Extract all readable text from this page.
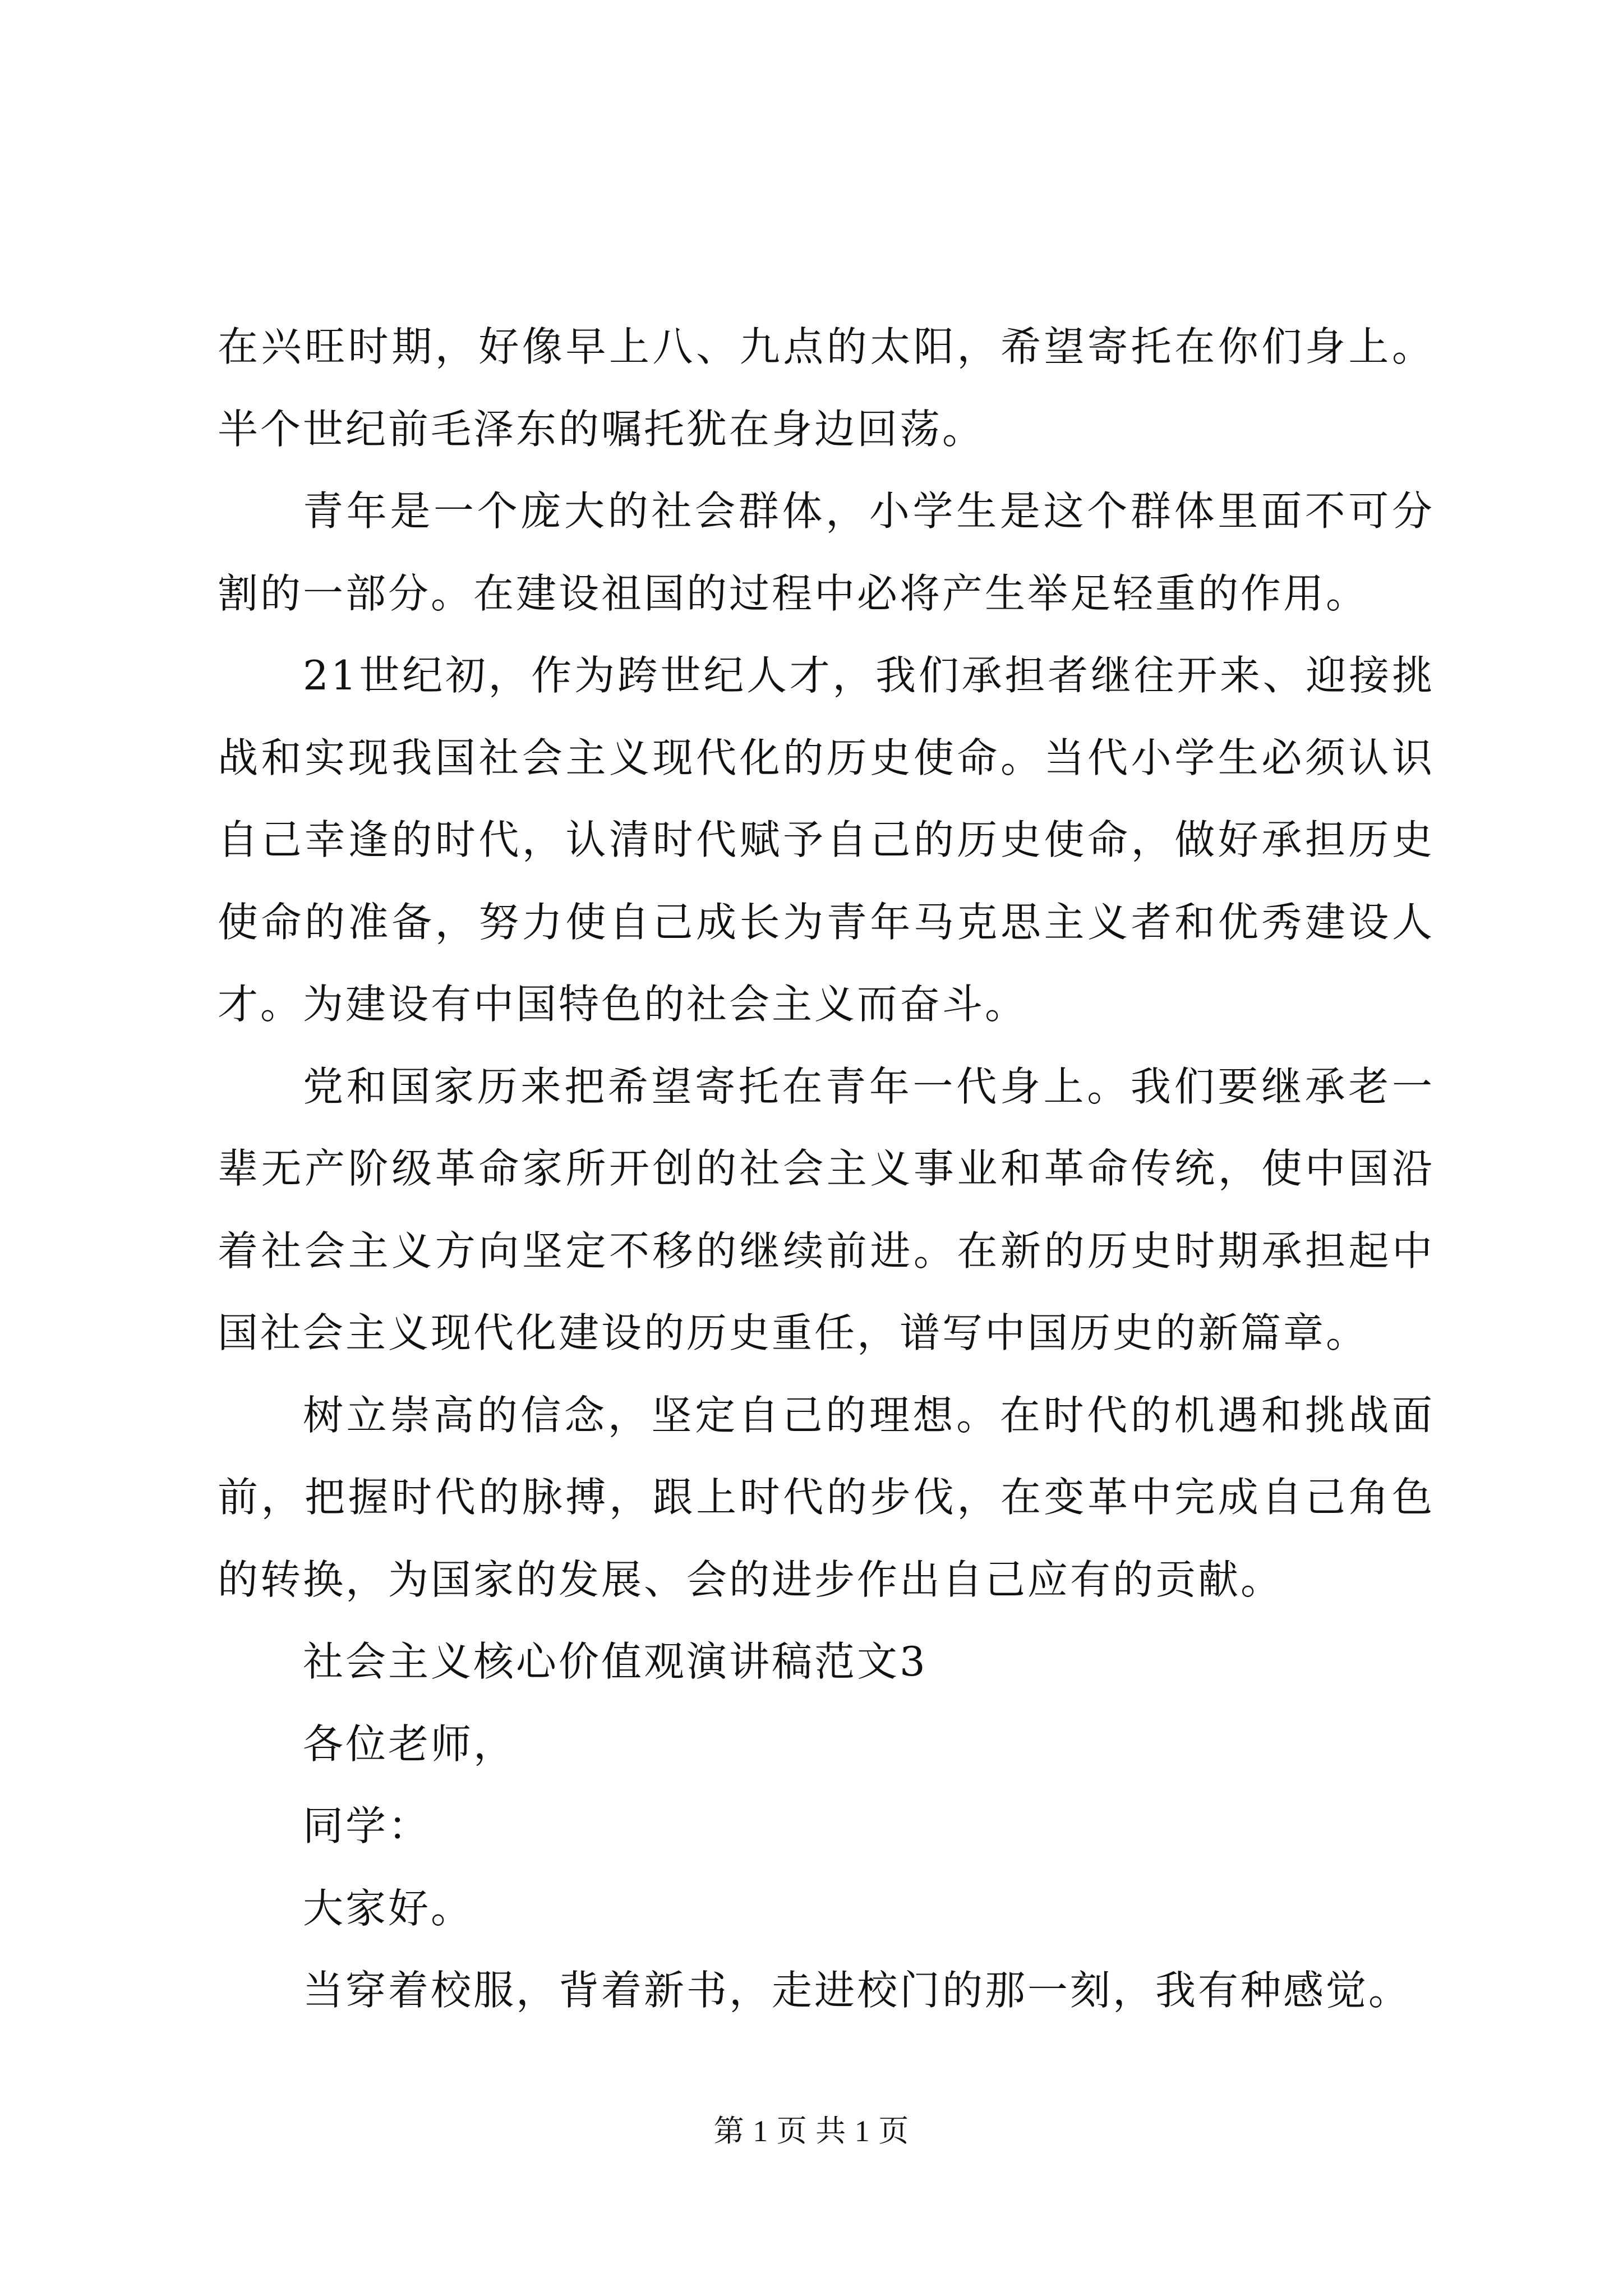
在兴旺时期，好像早上八、九点的太阳，希望寄托在你们身上。半个世纪前毛泽东的嘱托犹在身边回荡。

青年是一个庞大的社会群体，小学生是这个群体里面不可分割的一部分。在建设祖国的过程中必将产生举足轻重的作用。

21世纪初，作为跨世纪人才，我们承担者继往开来、迎接挑战和实现我国社会主义现代化的历史使命。当代小学生必须认识自己幸逢的时代，认清时代赋予自己的历史使命，做好承担历史使命的准备，努力使自己成长为青年马克思主义者和优秀建设人才。为建设有中国特色的社会主义而奋斗。

党和国家历来把希望寄托在青年一代身上。我们要继承老一辈无产阶级革命家所开创的社会主义事业和革命传统，使中国沿着社会主义方向坚定不移的继续前进。在新的历史时期承担起中国社会主义现代化建设的历史重任，谱写中国历史的新篇章。

树立崇高的信念，坚定自己的理想。在时代的机遇和挑战面前，把握时代的脉搏，跟上时代的步伐，在变革中完成自己角色的转换，为国家的发展、会的进步作出自己应有的贡献。

社会主义核心价值观演讲稿范文3

各位老师，

同学：

大家好。

当穿着校服，背着新书，走进校门的那一刻，我有种感觉。

第 1 页 共 1 页
